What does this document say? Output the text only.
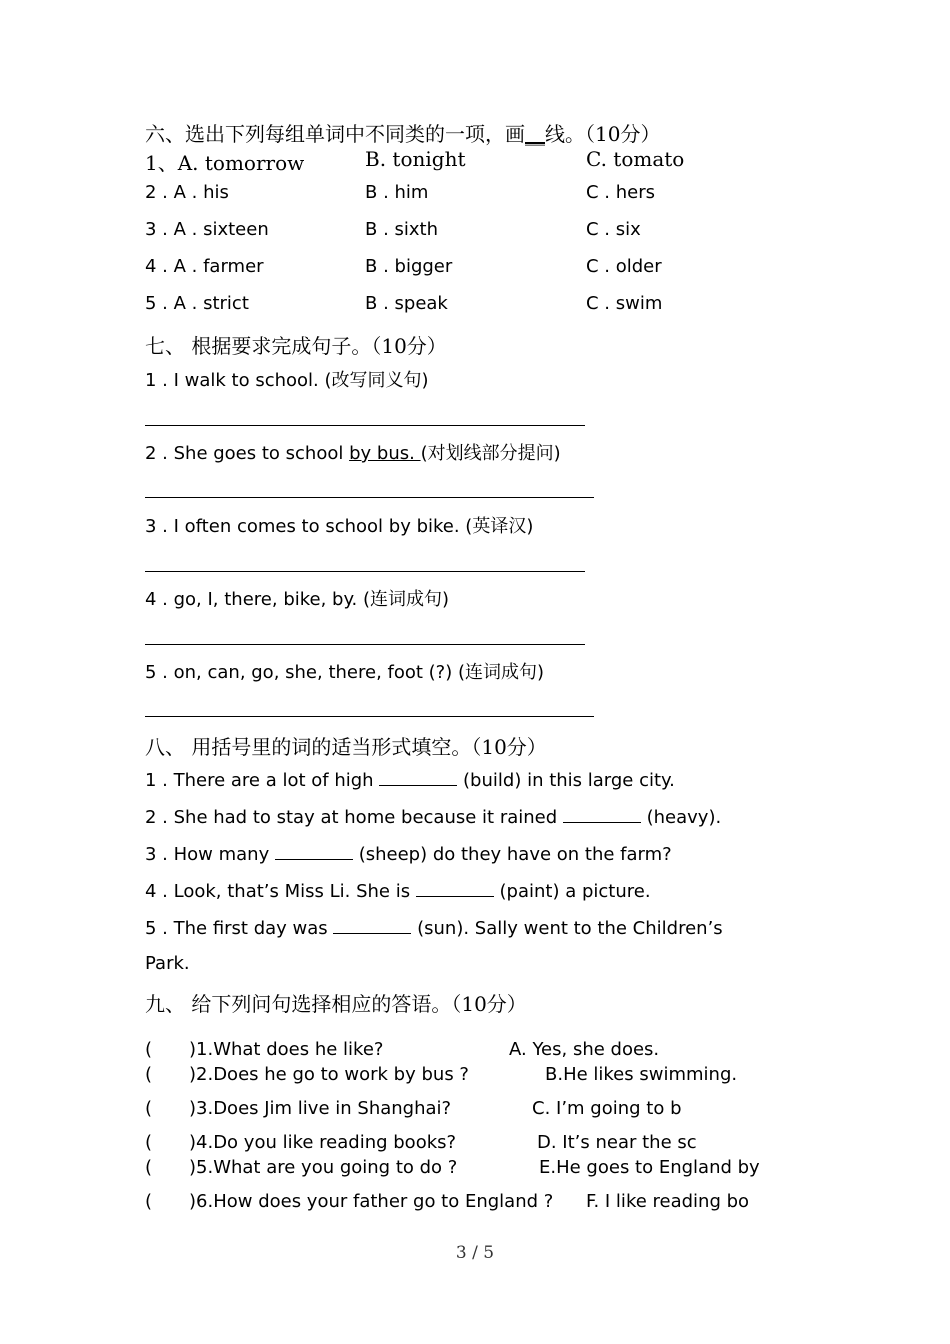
六、选出下列每组单词中不同类的一项，画__线。（10分）
1、A. tomorrow	B. tonight	C. tomato
2 . A . his	B . him	C . hers
3 . A . sixteen	B . sixth	C . six
4 . A . farmer	B . bigger	C . older
5 . A . strict	B . speak	C . swim
七、 根据要求完成句子。（10分）
1 . I walk to school. (改写同义句)
2 . She goes to school by bus. (对划线部分提问)
3 . I often comes to school by bike. (英译汉)
4 . go, I, there, bike, by. (连词成句)
5 . on, can, go, she, there, foot (?) (连词成句)
八、 用括号里的词的适当形式填空。（10分）
1 . There are a lot of high	(build) in this large city.
2 . She had to stay at home because it rained	(heavy).
3 . How many	(sheep) do they have on the farm?
4 . Look, that’s Miss Li. She is	(paint) a picture.
5 . The first day was	(sun). Sally went to the Children’s
Park.
九、 给下列问句选择相应的答语。（10分）
( )1.What does he like?	A. Yes, she does.
( )2.Does he go to work by bus ?	B.He likes swimming.
( )3.Does Jim live in Shanghai?	C. I’m going to b
( )4.Do you like reading books?	D. It’s near the sc
( )5.What are you going to do ?	E.He goes to England by
( )6.How does your father go to England ? F. I like reading bo
3 / 5
